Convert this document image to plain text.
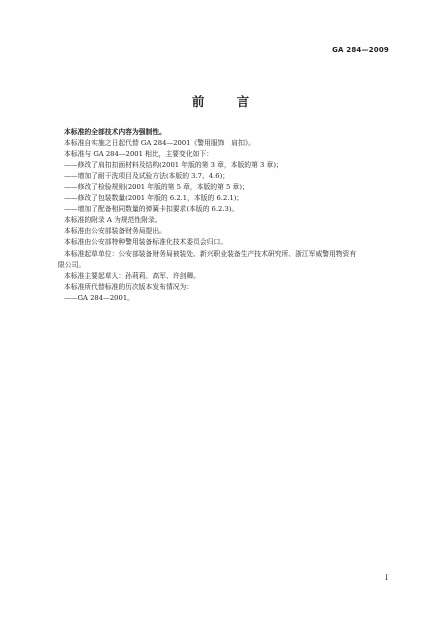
GA 284—2009
前 言
本标准的全部技术内容为强制性。
本标准自实施之日起代替 GA 284—2001《警用服饰　肩扣》。
本标准与 GA 284—2001 相比，主要变化如下：
——修改了肩扣扣面材料及结构(2001 年版的第 3 章，本版的第 3 章)；
——增加了耐干洗项目及试验方法(本版的 3.7、4.6)；
——修改了检验规则(2001 年版的第 5 章，本版的第 5 章)；
——修改了包装数量(2001 年版的 6.2.1，本版的 6.2.1)；
——增加了配备相同数量的弹簧卡扣要求(本版的 6.2.3)。
本标准的附录 A 为规范性附录。
本标准由公安部装备财务局提出。
本标准由公安部特种警用装备标准化技术委员会归口。
本标准起草单位：公安部装备财务局被装处、新兴职业装备生产技术研究所、浙江军威警用物资有
限公司。
本标准主要起草人：孙莉莉、高军、许剑卿。
本标准所代替标准的历次版本发布情况为：
——GA 284—2001。
I
